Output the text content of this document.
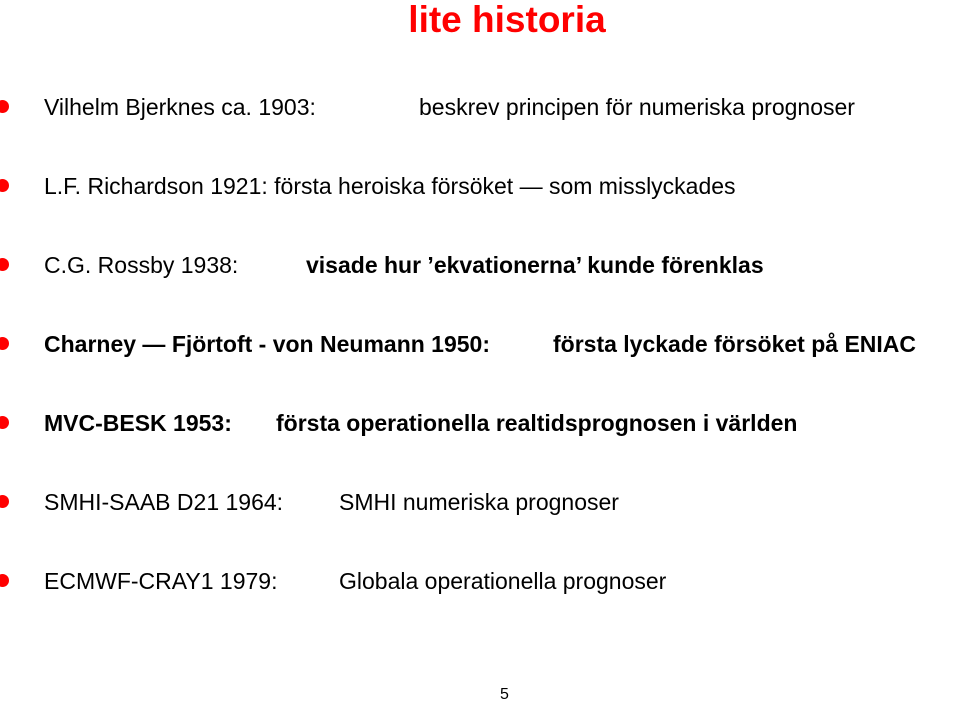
lite historia
Vilhelm Bjerknes ca. 1903:	beskrev principen för numeriska prognoser
L.F. Richardson 1921: första heroiska försöket — som misslyckades
C.G. Rossby 1938:	visade hur ’ekvationerna’ kunde förenklas
Charney — Fjörtoft - von Neumann 1950:	första lyckade försöket på ENIAC
MVC-BESK 1953: första operationella realtidsprognosen i världen
SMHI-SAAB D21 1964: SMHI numeriska prognoser
ECMWF-CRAY1 1979:	Globala operationella prognoser
5
